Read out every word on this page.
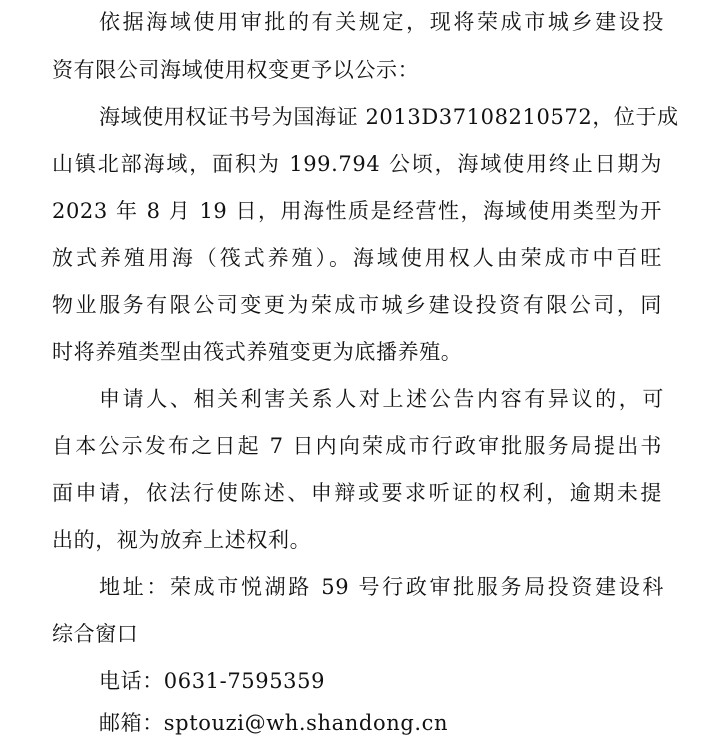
依据海域使用审批的有关规定，现将荣成市城乡建设投
资有限公司海域使用权变更予以公示：
海域使用权证书号为国海证 2013D37108210572，位于成
山镇北部海域，面积为 199.794 公顷，海域使用终止日期为
2023 年 8 月 19 日，用海性质是经营性，海域使用类型为开
放式养殖用海（筏式养殖）。海域使用权人由荣成市中百旺
物业服务有限公司变更为荣成市城乡建设投资有限公司，同
时将养殖类型由筏式养殖变更为底播养殖。
申请人、相关利害关系人对上述公告内容有异议的，可
自本公示发布之日起 7 日内向荣成市行政审批服务局提出书
面申请，依法行使陈述、申辩或要求听证的权利，逾期未提
出的，视为放弃上述权利。
地址：荣成市悦湖路 59 号行政审批服务局投资建设科
综合窗口
电话：0631-7595359
邮箱：sptouzi@wh.shandong.cn
